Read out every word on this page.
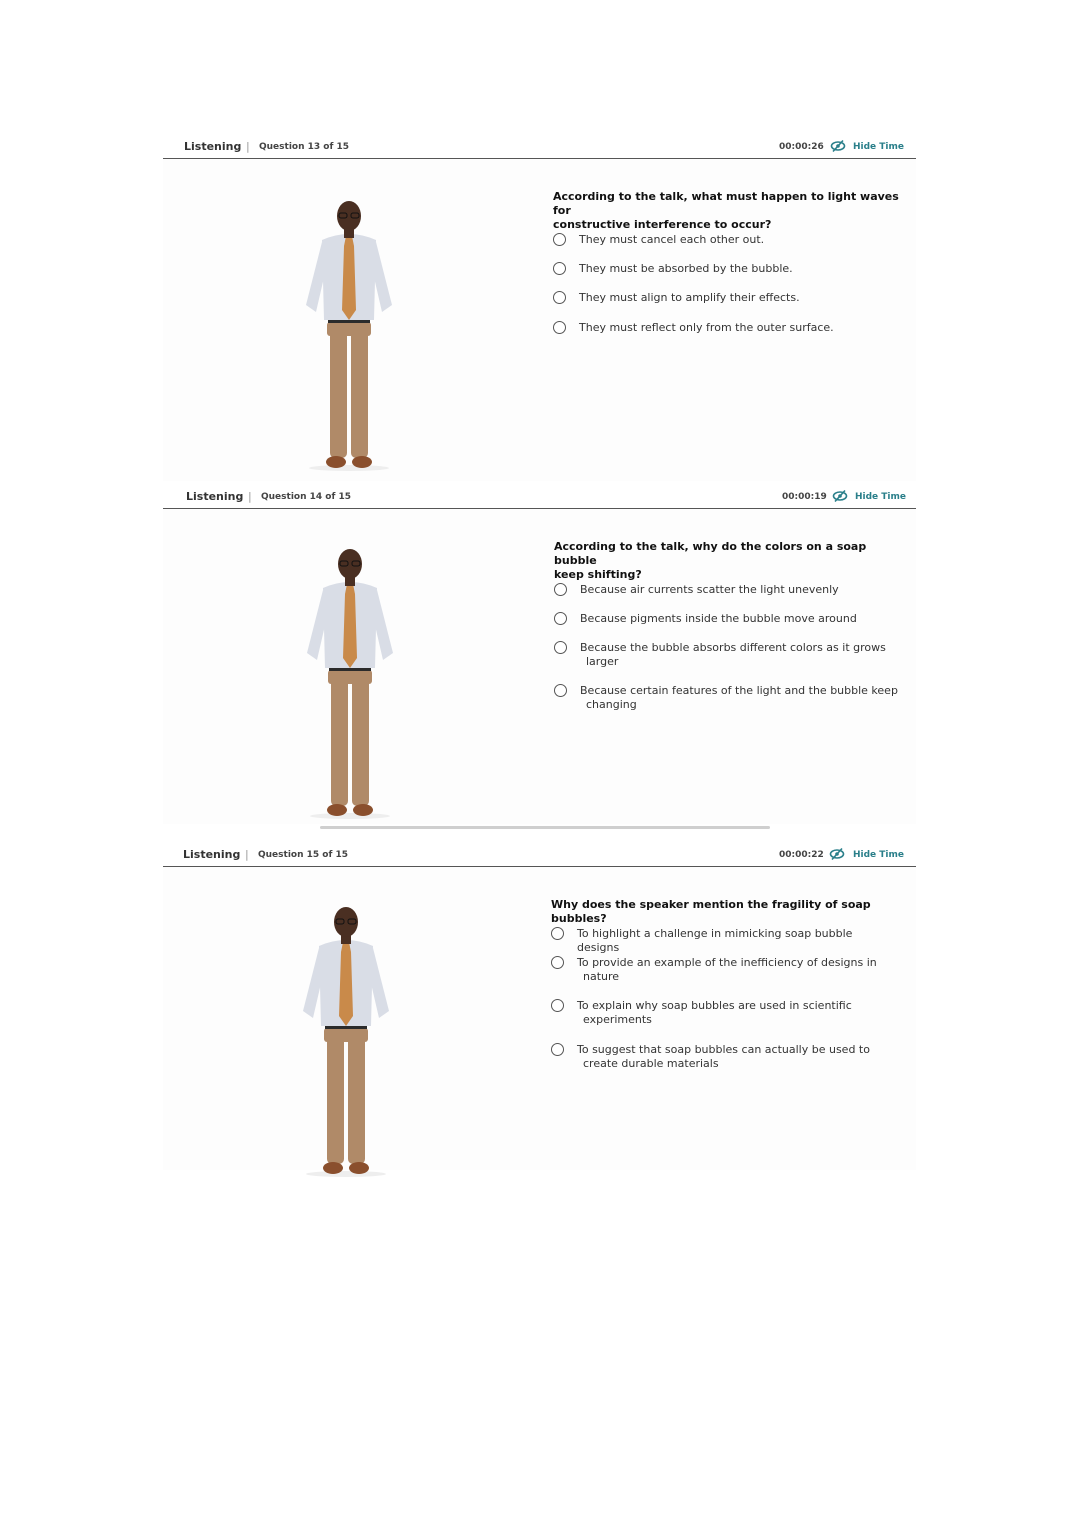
Listening | Question 13 of 15	00:00:26	Hide Time
According to the talk, what must happen to light waves for
constructive interference to occur?
They must cancel each other out.
They must be absorbed by the bubble.
They must align to amplify their effects.
They must reflect only from the outer surface.
Listening | Question 14 of 15	00:00:19	Hide Time
According to the talk, why do the colors on a soap bubble
keep shifting?
Because air currents scatter the light unevenly
Because pigments inside the bubble move around
Because the bubble absorbs different colors as it grows
larger
Because certain features of the light and the bubble keep
changing
Listening | Question 15 of 15	00:00:22	Hide Time
Why does the speaker mention the fragility of soap bubbles?
To highlight a challenge in mimicking soap bubble designs
To provide an example of the inefficiency of designs in
nature
To explain why soap bubbles are used in scientific
experiments
To suggest that soap bubbles can actually be used to
create durable materials
